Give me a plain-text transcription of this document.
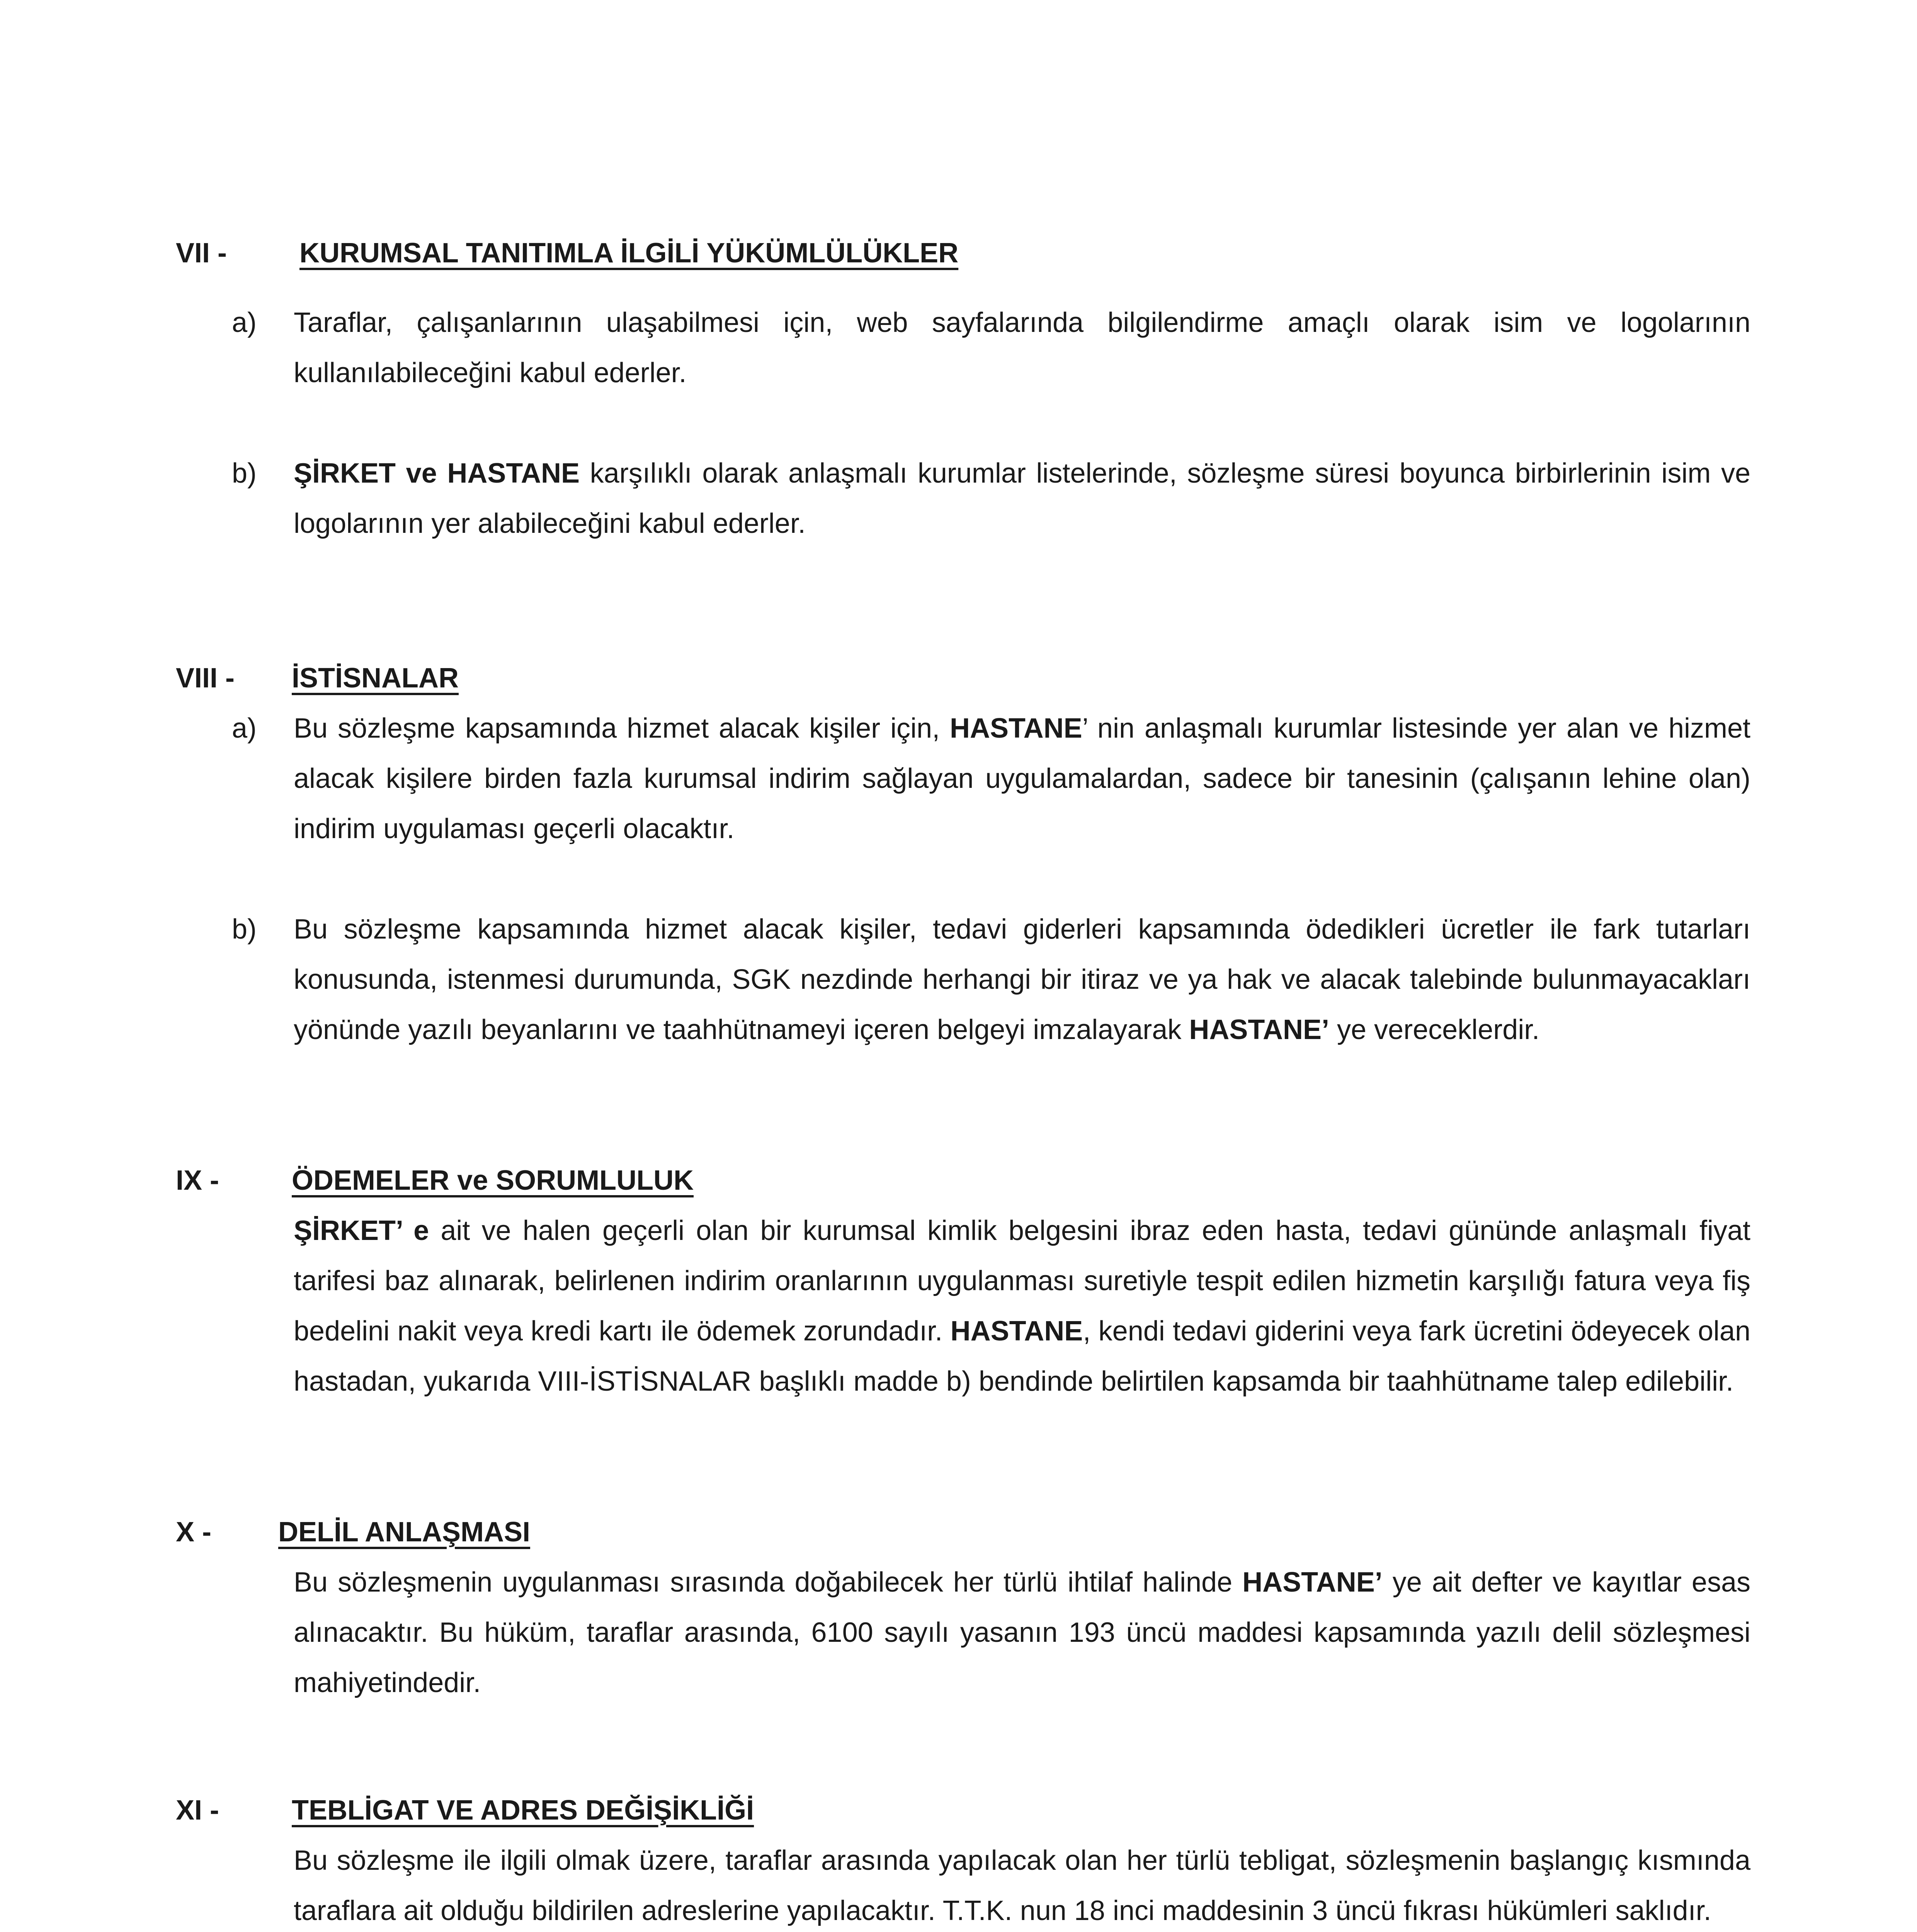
VII -	KURUMSAL TANITIMLA İLGİLİ YÜKÜMLÜLÜKLER
a) Taraflar, çalışanlarının ulaşabilmesi için, web sayfalarında bilgilendirme amaçlı olarak isim ve logolarının kullanılabileceğini kabul ederler.
b) ŞİRKET ve HASTANE karşılıklı olarak anlaşmalı kurumlar listelerinde, sözleşme süresi boyunca birbirlerinin isim ve logolarının yer alabileceğini kabul ederler.
VIII - İSTİSNALAR
a) Bu sözleşme kapsamında hizmet alacak kişiler için, HASTANE’ nin anlaşmalı kurumlar listesinde yer alan ve hizmet alacak kişilere birden fazla kurumsal indirim sağlayan uygulamalardan, sadece bir tanesinin (çalışanın lehine olan) indirim uygulaması geçerli olacaktır.
b) Bu sözleşme kapsamında hizmet alacak kişiler, tedavi giderleri kapsamında ödedikleri ücretler ile fark tutarları konusunda, istenmesi durumunda, SGK nezdinde herhangi bir itiraz ve ya hak ve alacak talebinde bulunmayacakları yönünde yazılı beyanlarını ve taahhütnameyi içeren belgeyi imzalayarak HASTANE’ ye vereceklerdir.
IX -	ÖDEMELER ve SORUMLULUK
ŞİRKET’ e ait ve halen geçerli olan bir kurumsal kimlik belgesini ibraz eden hasta, tedavi gününde anlaşmalı fiyat tarifesi baz alınarak, belirlenen indirim oranlarının uygulanması suretiyle tespit edilen hizmetin karşılığı fatura veya fiş bedelini nakit veya kredi kartı ile ödemek zorundadır. HASTANE, kendi tedavi giderini veya fark ücretini ödeyecek olan hastadan, yukarıda VIII-İSTİSNALAR başlıklı madde b) bendinde belirtilen kapsamda bir taahhütname talep edilebilir.
X - DELİL ANLAŞMASI
Bu sözleşmenin uygulanması sırasında doğabilecek her türlü ihtilaf halinde HASTANE’ ye ait defter ve kayıtlar esas alınacaktır. Bu hüküm, taraflar arasında, 6100 sayılı yasanın 193 üncü maddesi kapsamında yazılı delil sözleşmesi mahiyetindedir.
XI -	TEBLİGAT VE ADRES DEĞİŞİKLİĞİ
Bu sözleşme ile ilgili olmak üzere, taraflar arasında yapılacak olan her türlü tebligat, sözleşmenin başlangıç kısmında taraflara ait olduğu bildirilen adreslerine yapılacaktır. T.T.K. nun 18 inci maddesinin 3 üncü fıkrası hükümleri saklıdır.
